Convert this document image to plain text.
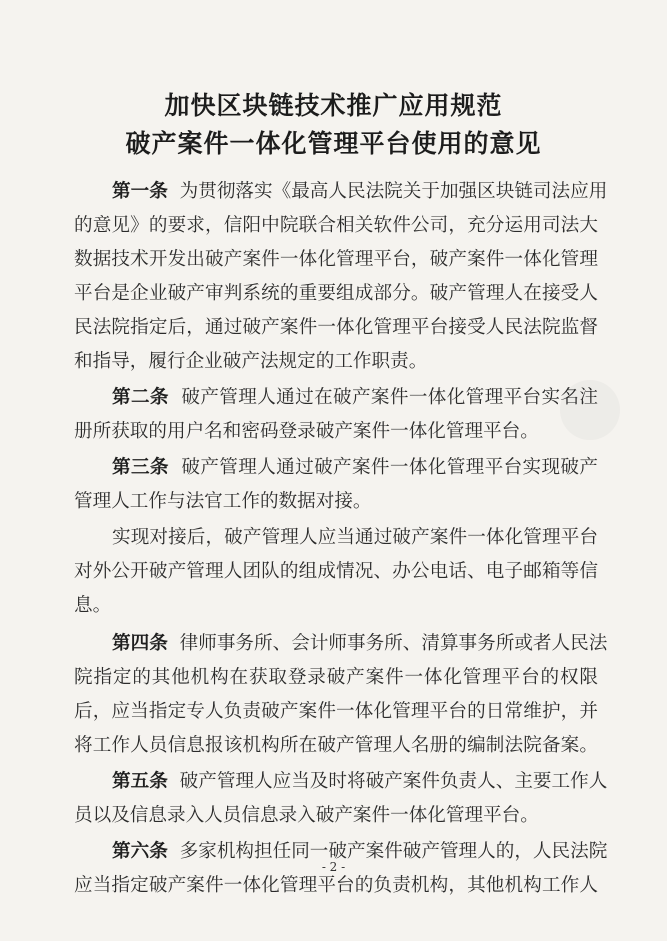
加快区块链技术推广应用规范
破产案件一体化管理平台使用的意见
第一条 为贯彻落实《最高人民法院关于加强区块链司法应用
的意见》的要求，信阳中院联合相关软件公司，充分运用司法大
数据技术开发出破产案件一体化管理平台，破产案件一体化管理
平台是企业破产审判系统的重要组成部分。破产管理人在接受人
民法院指定后，通过破产案件一体化管理平台接受人民法院监督
和指导，履行企业破产法规定的工作职责。
第二条 破产管理人通过在破产案件一体化管理平台实名注
册所获取的用户名和密码登录破产案件一体化管理平台。
第三条 破产管理人通过破产案件一体化管理平台实现破产
管理人工作与法官工作的数据对接。
实现对接后，破产管理人应当通过破产案件一体化管理平台
对外公开破产管理人团队的组成情况、办公电话、电子邮箱等信
息。
第四条 律师事务所、会计师事务所、清算事务所或者人民法
院指定的其他机构在获取登录破产案件一体化管理平台的权限
后，应当指定专人负责破产案件一体化管理平台的日常维护，并
将工作人员信息报该机构所在破产管理人名册的编制法院备案。
第五条 破产管理人应当及时将破产案件负责人、主要工作人
员以及信息录入人员信息录入破产案件一体化管理平台。
第六条 多家机构担任同一破产案件破产管理人的，人民法院
应当指定破产案件一体化管理平台的负责机构，其他机构工作人
- 2 -
